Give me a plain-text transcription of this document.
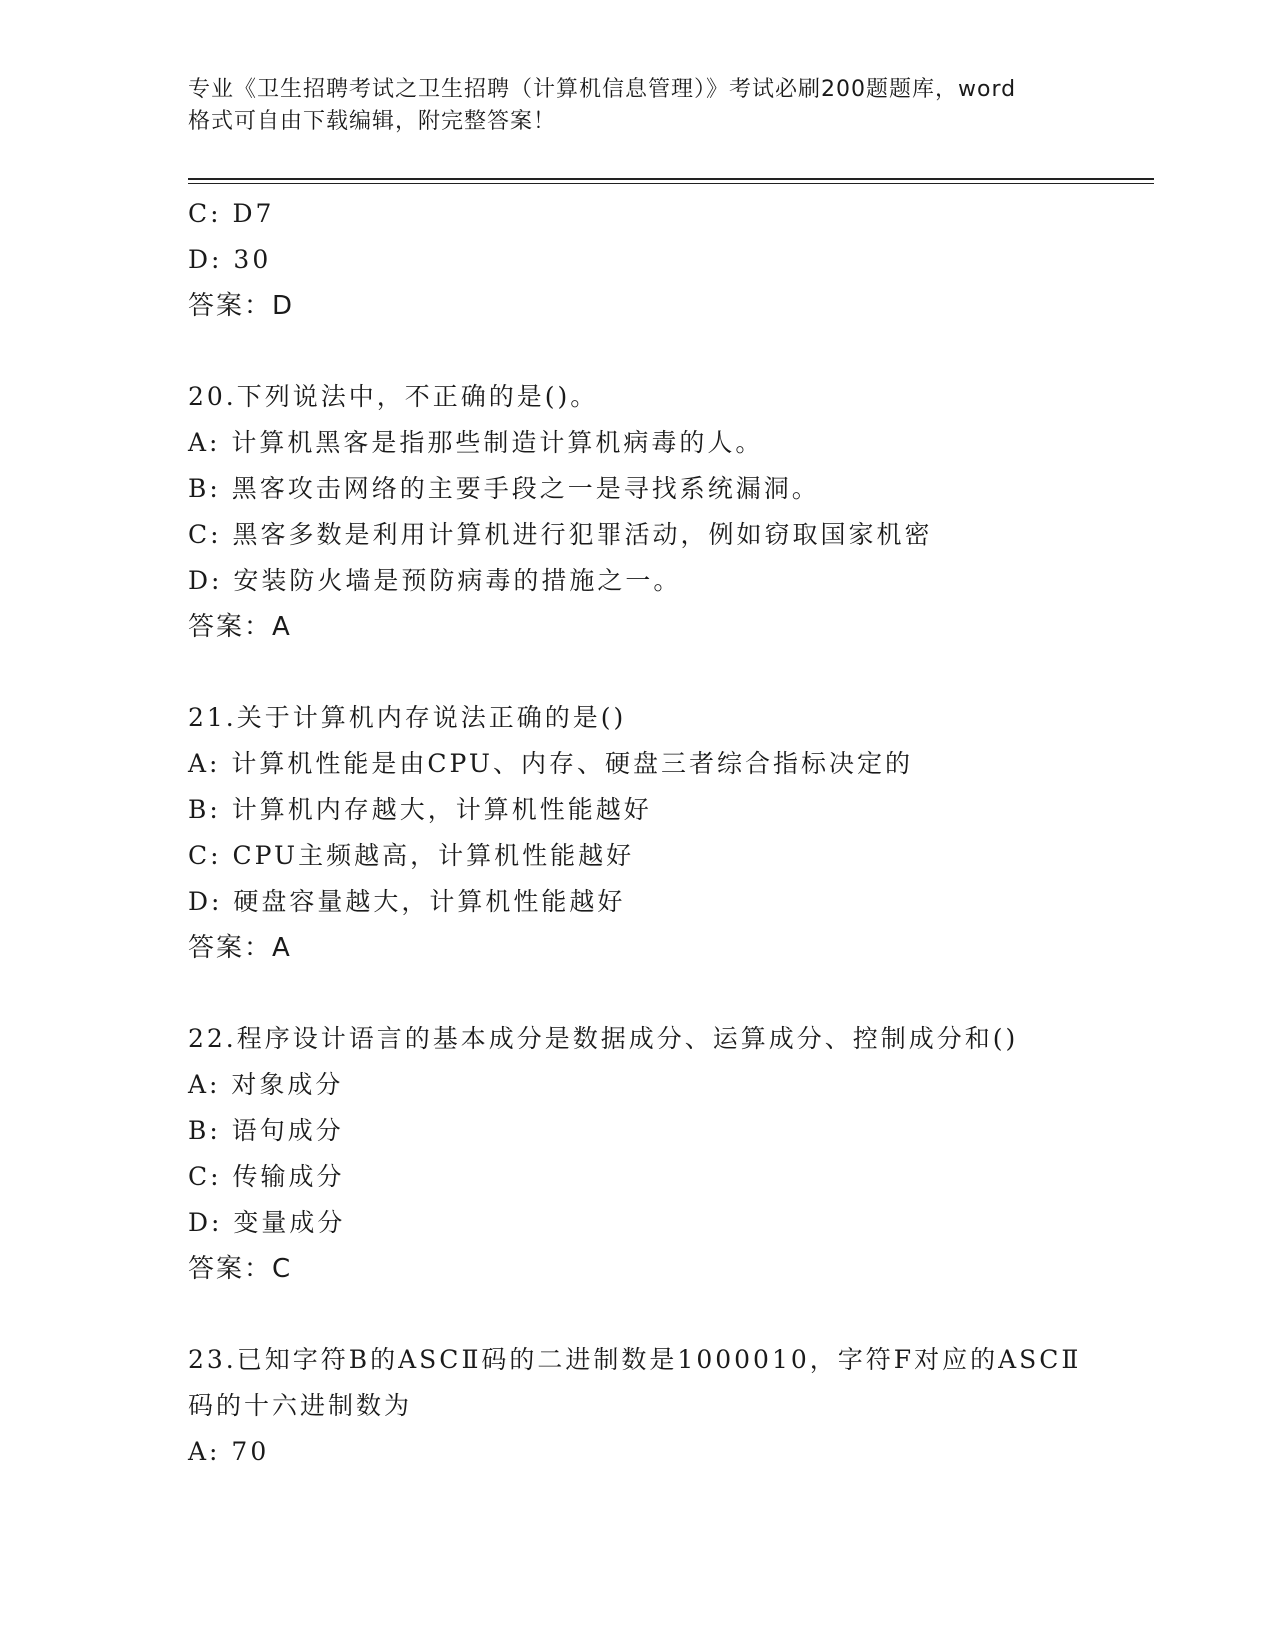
专业《卫生招聘考试之卫生招聘（计算机信息管理）》考试必刷200题题库，word
格式可自由下载编辑，附完整答案！
C: D7
D: 30
答案：D
20.下列说法中，不正确的是()。
A: 计算机黑客是指那些制造计算机病毒的人。
B: 黑客攻击网络的主要手段之一是寻找系统漏洞。
C: 黑客多数是利用计算机进行犯罪活动，例如窃取国家机密
D: 安装防火墙是预防病毒的措施之一。
答案：A
21.关于计算机内存说法正确的是()
A: 计算机性能是由CPU、内存、硬盘三者综合指标决定的
B: 计算机内存越大，计算机性能越好
C: CPU主频越高，计算机性能越好
D: 硬盘容量越大，计算机性能越好
答案：A
22.程序设计语言的基本成分是数据成分、运算成分、控制成分和()
A: 对象成分
B: 语句成分
C: 传输成分
D: 变量成分
答案：C
23.已知字符B的ASCⅡ码的二进制数是1000010，字符F对应的ASCⅡ
码的十六进制数为
A: 70
